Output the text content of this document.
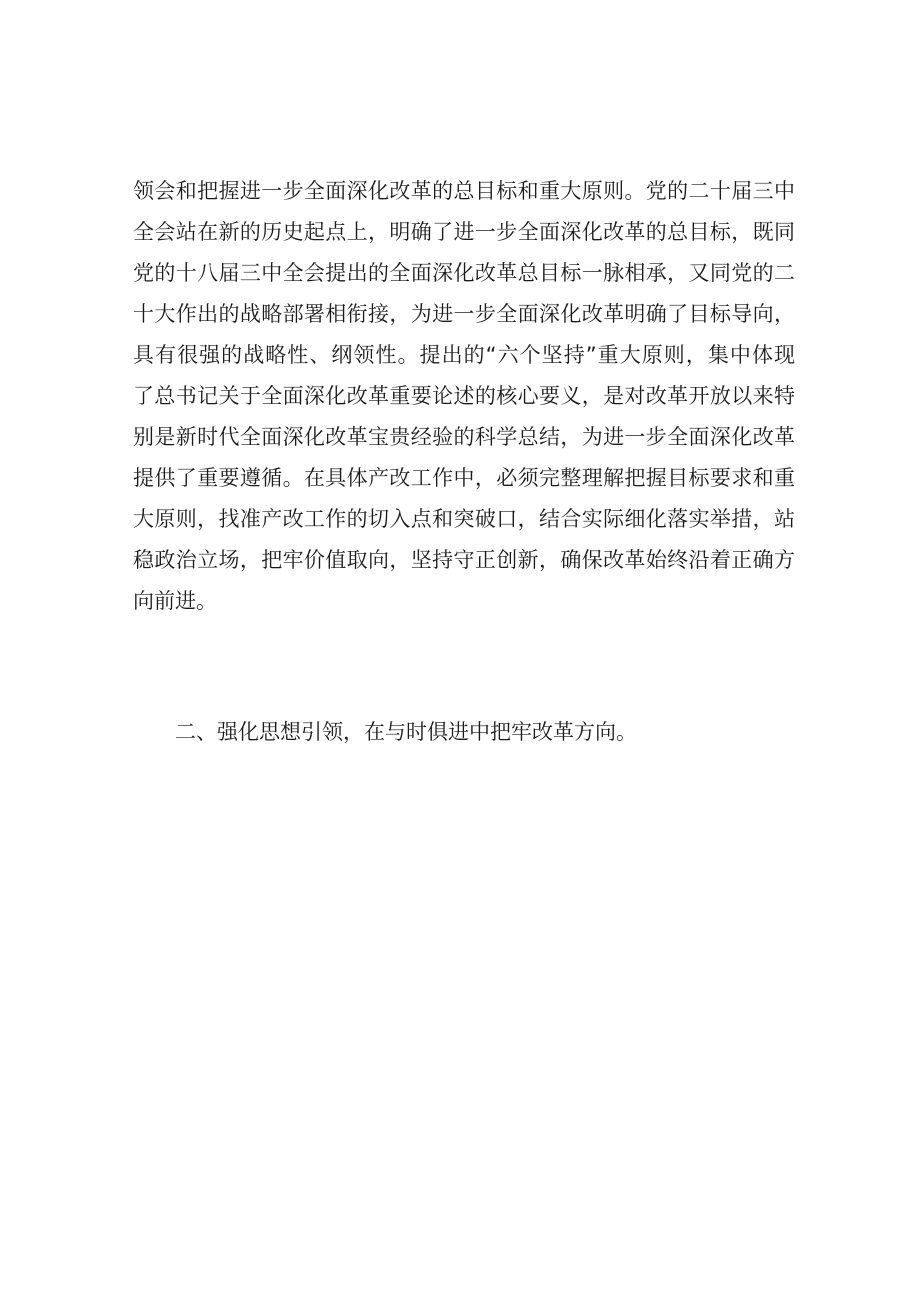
领会和把握进一步全面深化改革的总目标和重大原则。党的二十届三中
全会站在新的历史起点上，明确了进一步全面深化改革的总目标，既同
党的十八届三中全会提出的全面深化改革总目标一脉相承，又同党的二
十大作出的战略部署相衔接，为进一步全面深化改革明确了目标导向，
具有很强的战略性、纲领性。提出的“六个坚持”重大原则，集中体现
了总书记关于全面深化改革重要论述的核心要义，是对改革开放以来特
别是新时代全面深化改革宝贵经验的科学总结，为进一步全面深化改革
提供了重要遵循。在具体产改工作中，必须完整理解把握目标要求和重
大原则，找准产改工作的切入点和突破口，结合实际细化落实举措，站
稳政治立场，把牢价值取向，坚持守正创新，确保改革始终沿着正确方
向前进。
二、强化思想引领，在与时俱进中把牢改革方向。
